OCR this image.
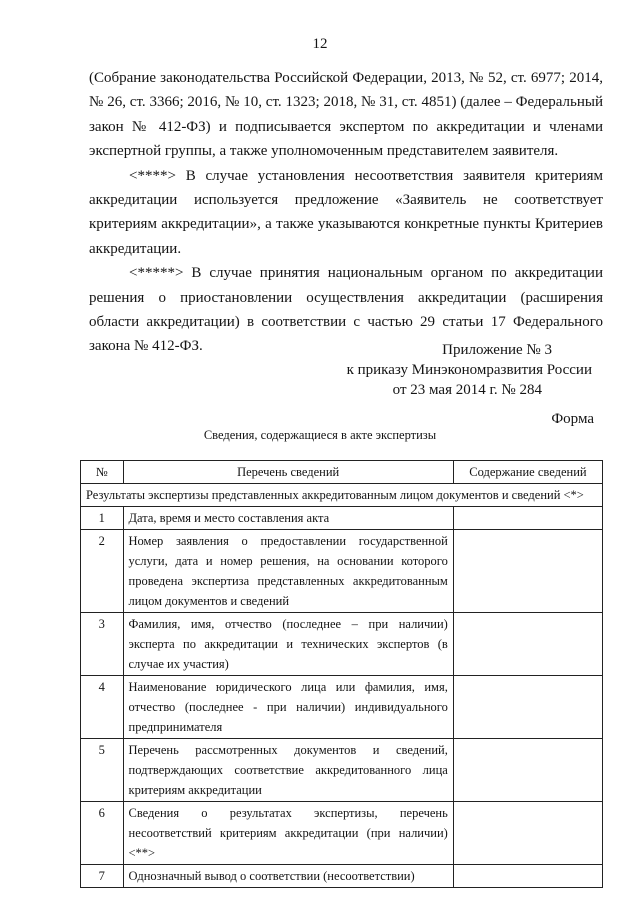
12

(Собрание законодательства Российской Федерации, 2013, № 52, ст. 6977; 2014, № 26, ст. 3366; 2016, № 10, ст. 1323; 2018, № 31, ст. 4851) (далее – Федеральный закон № 412-ФЗ) и подписывается экспертом по аккредитации и членами экспертной группы, а также уполномоченным представителем заявителя.

<****> В случае установления несоответствия заявителя критериям аккредитации используется предложение «Заявитель не соответствует критериям аккредитации», а также указываются конкретные пункты Критериев аккредитации.

<*****> В случае принятия национальным органом по аккредитации решения о приостановлении осуществления аккредитации (расширения области аккредитации) в соответствии с частью 29 статьи 17 Федерального закона № 412-ФЗ.	Приложение № 3
к приказу Минэкономразвития России
от 23 мая 2014 г. № 284
Форма
Сведения, содержащиеся в акте экспертизы
№	Перечень сведений	Содержание сведений
Результаты экспертизы представленных аккредитованным лицом документов и сведений <*>		
1	Дата, время и место составления акта	
2	Номер заявления о предоставлении государственной услуги, дата и номер решения, на основании которого проведена экспертиза представленных аккредитованным лицом документов и сведений	
3	Фамилия, имя, отчество (последнее – при наличии) эксперта по аккредитации и технических экспертов (в случае их участия)	
4	Наименование юридического лица или фамилия, имя, отчество (последнее - при наличии) индивидуального предпринимателя	
5	Перечень рассмотренных документов и сведений, подтверждающих соответствие аккредитованного лица критериям аккредитации	
6	Сведения о результатах экспертизы, перечень несоответствий критериям аккредитации (при наличии) <**>	
7	Однозначный вывод о соответствии (несоответствии)	
